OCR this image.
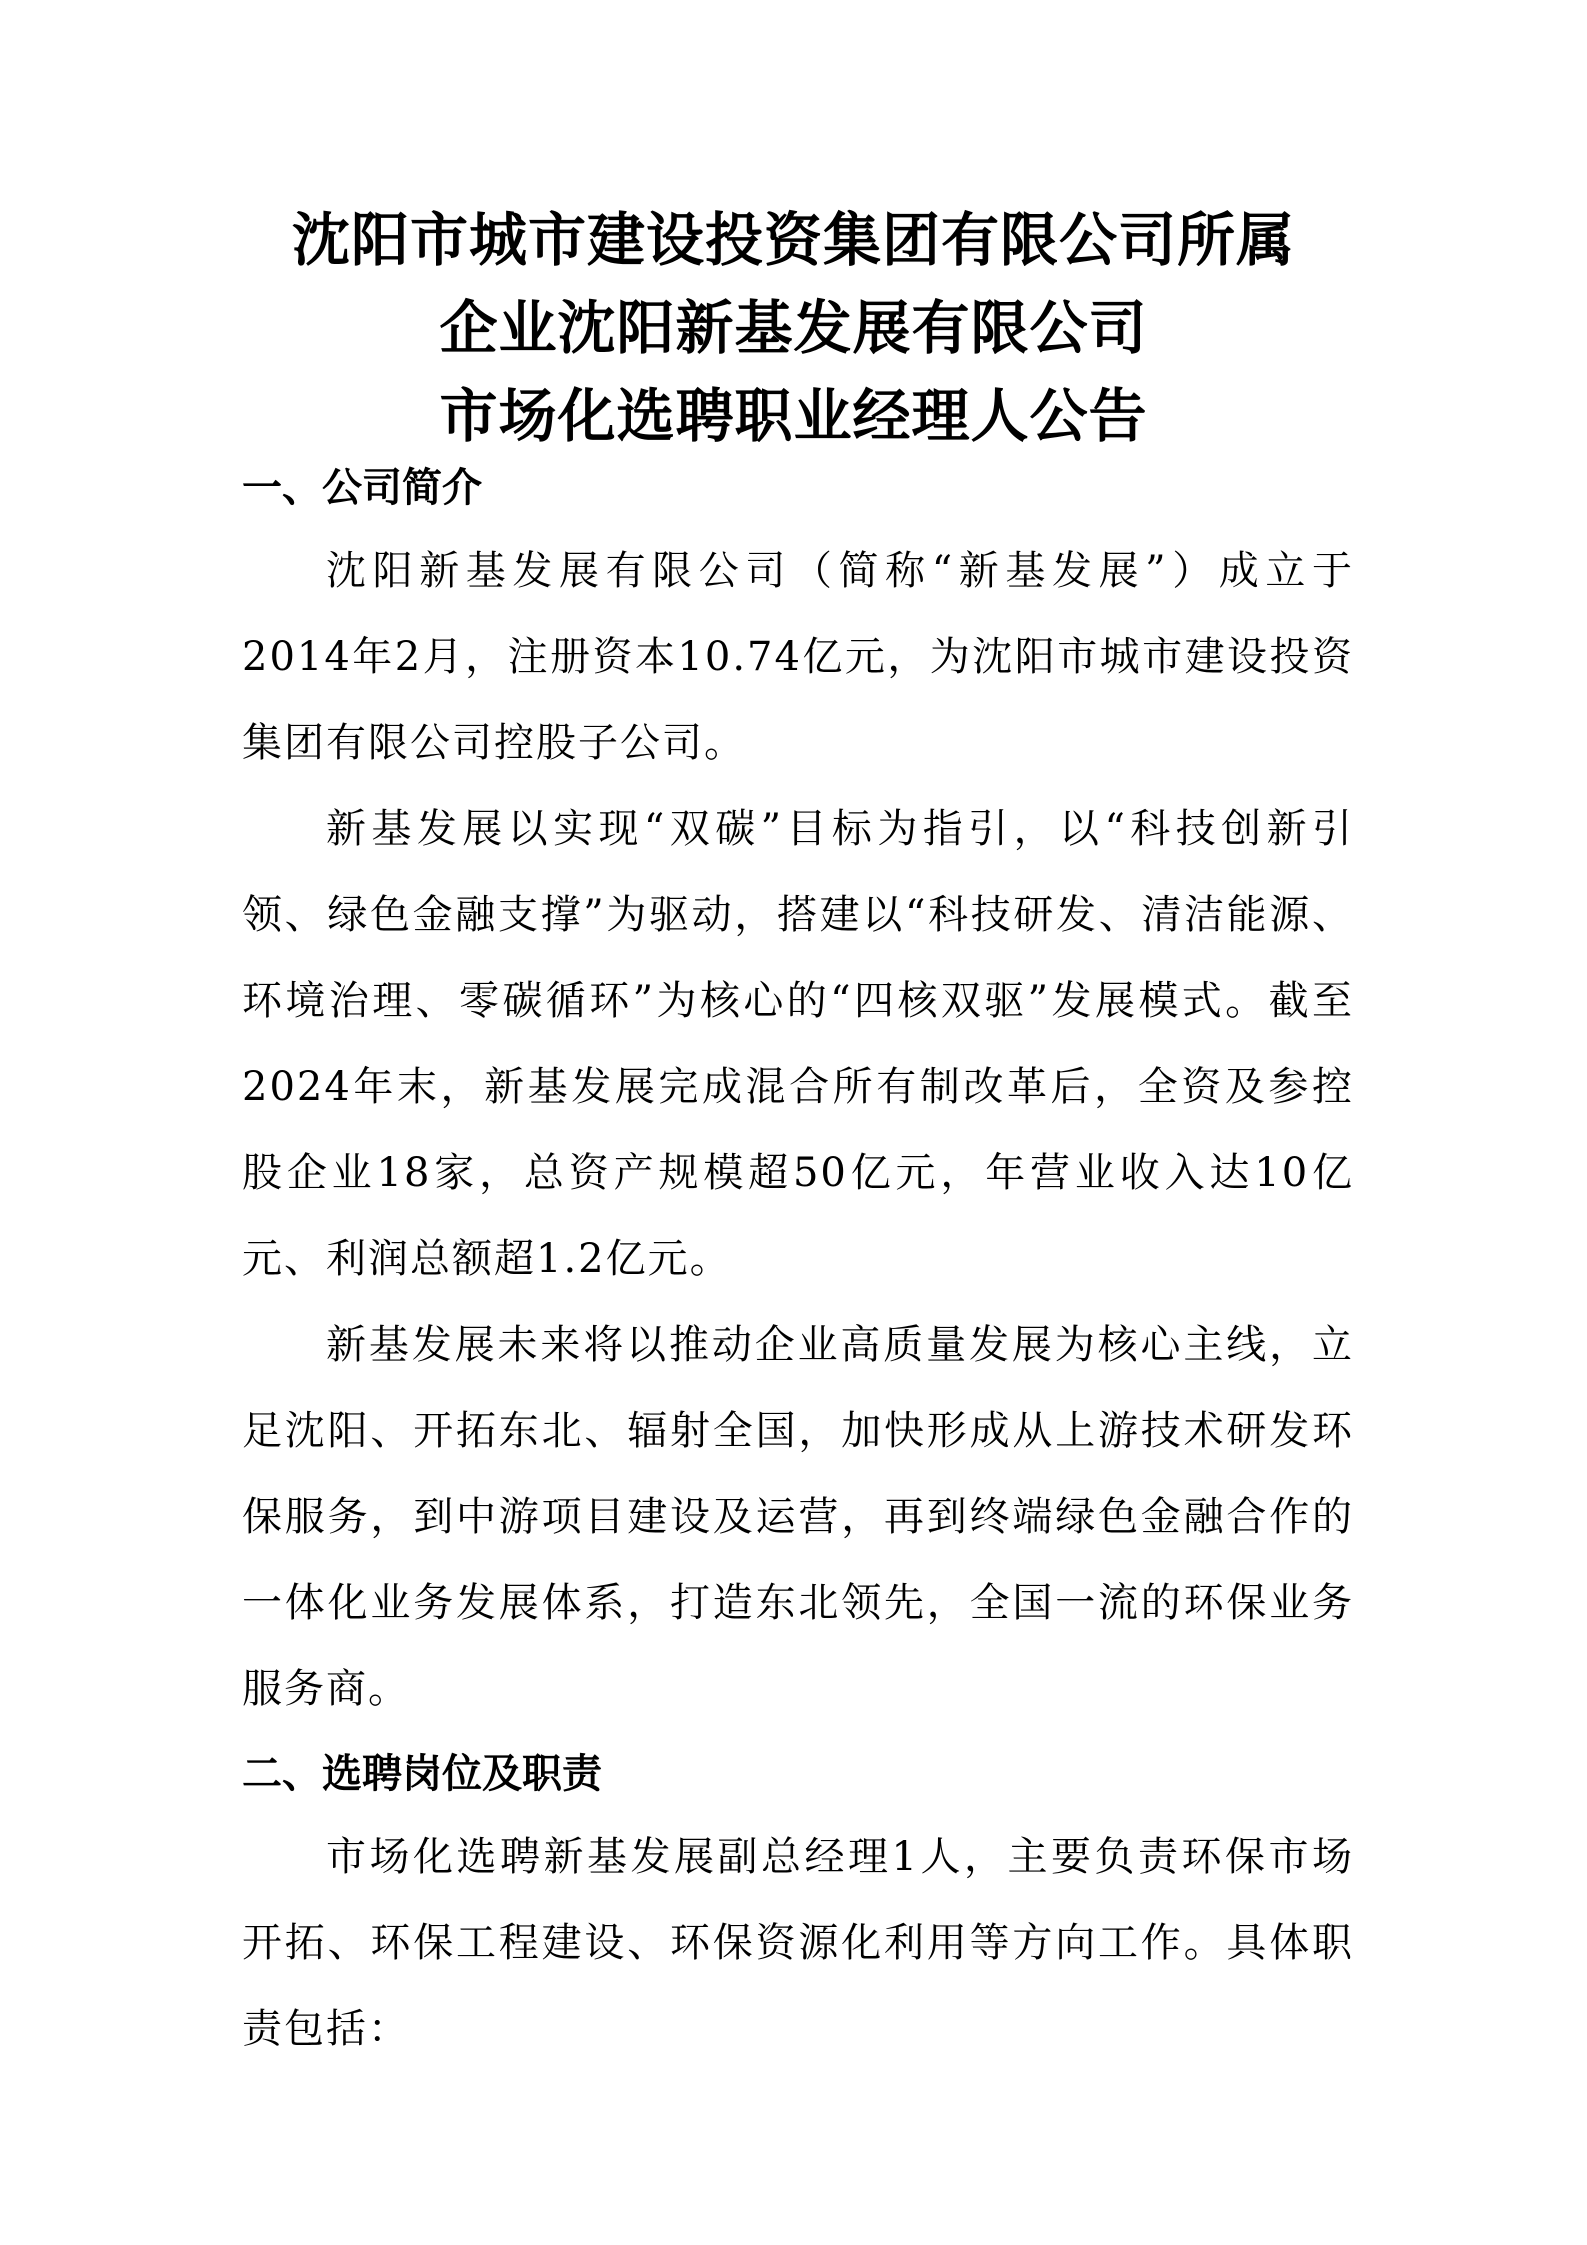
沈阳市城市建设投资集团有限公司所属
企业沈阳新基发展有限公司
市场化选聘职业经理人公告
一、公司简介

沈阳新基发展有限公司（简称“新基发展”）成立于2014年2月，注册资本10.74亿元，为沈阳市城市建设投资集团有限公司控股子公司。

新基发展以实现“双碳”目标为指引，以“科技创新引领、绿色金融支撑”为驱动，搭建以“科技研发、清洁能源、环境治理、零碳循环”为核心的“四核双驱”发展模式。截至2024年末，新基发展完成混合所有制改革后，全资及参控股企业18家，总资产规模超50亿元，年营业收入达10亿元、利润总额超1.2亿元。

新基发展未来将以推动企业高质量发展为核心主线，立足沈阳、开拓东北、辐射全国，加快形成从上游技术研发环保服务，到中游项目建设及运营，再到终端绿色金融合作的一体化业务发展体系，打造东北领先，全国一流的环保业务服务商。

二、选聘岗位及职责

市场化选聘新基发展副总经理1人，主要负责环保市场开拓、环保工程建设、环保资源化利用等方向工作。具体职责包括：
